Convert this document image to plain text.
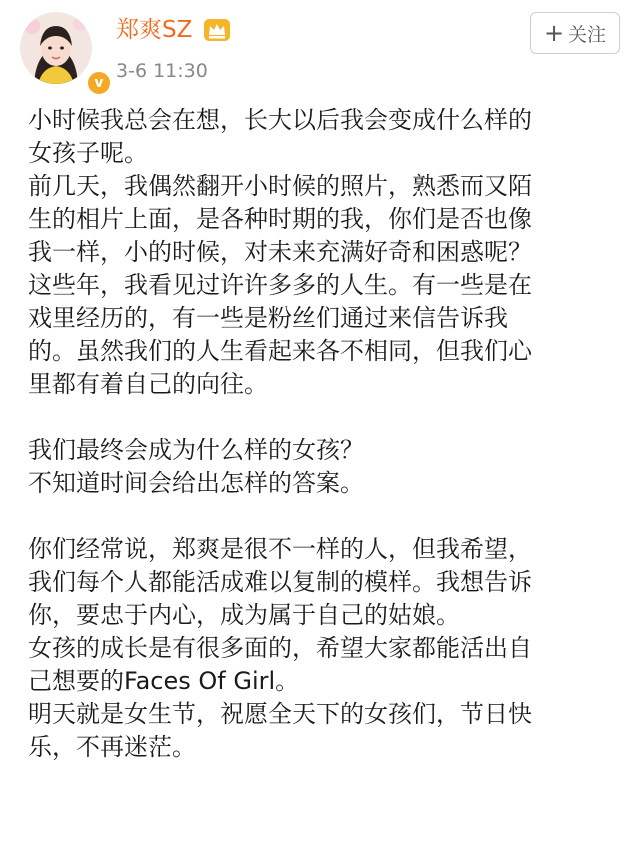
v
郑爽SZ
3-6 11:30
+ 关注
小时候我总会在想，长大以后我会变成什么样的
女孩子呢。
前几天，我偶然翻开小时候的照片，熟悉而又陌
生的相片上面，是各种时期的我，你们是否也像
我一样，小的时候，对未来充满好奇和困惑呢？
这些年，我看见过许许多多的人生。有一些是在
戏里经历的，有一些是粉丝们通过来信告诉我
的。虽然我们的人生看起来各不相同，但我们心
里都有着自己的向往。
我们最终会成为什么样的女孩？
不知道时间会给出怎样的答案。
你们经常说，郑爽是很不一样的人，但我希望，
我们每个人都能活成难以复制的模样。我想告诉
你，要忠于内心，成为属于自己的姑娘。
女孩的成长是有很多面的，希望大家都能活出自
己想要的Faces Of Girl。
明天就是女生节，祝愿全天下的女孩们，节日快
乐，不再迷茫。
